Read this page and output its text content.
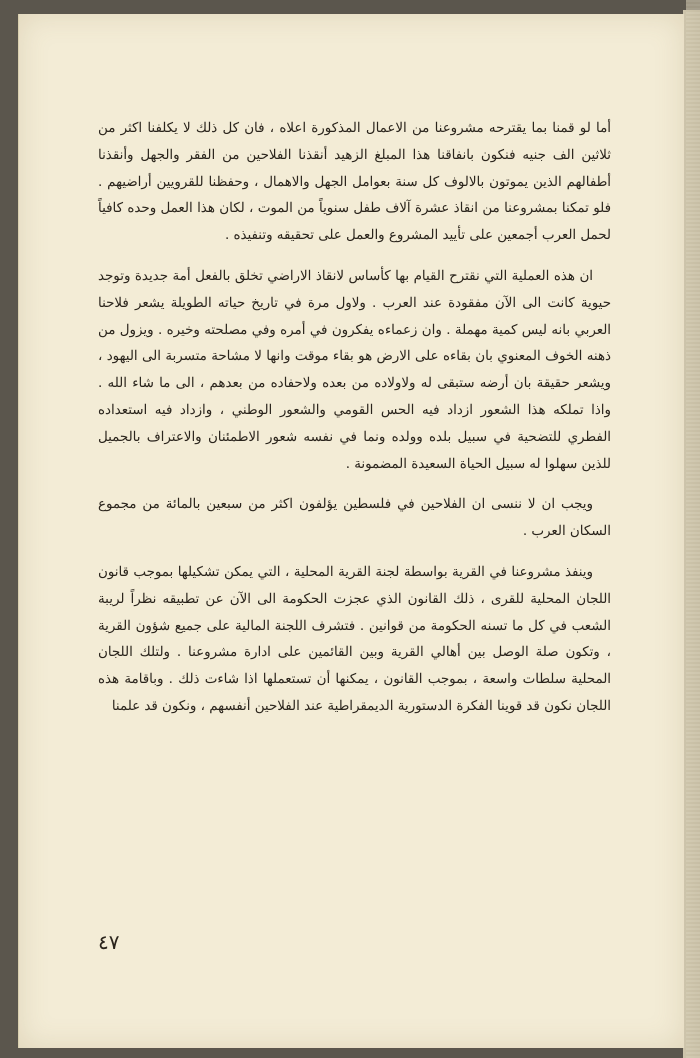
أما لو قمنا بما يقترحه مشروعنا من الاعمال المذكورة اعلاه ، فان كل ذلك لا يكلفنا اكثر من ثلاثين الف جنيه فنكون بانفاقنا هذا المبلغ الزهيد أنقذنا الفلاحين من الفقر والجهل وأنقذنا أطفالهم الذين يموتون بالالوف كل سنة بعوامل الجهل والاهمال ، وحفظنا للقرويين أراضيهم . فلو تمكنا بمشروعنا من انقاذ عشرة آلاف طفل سنوياً من الموت ، لكان هذا العمل وحده كافياً لحمل العرب أجمعين على تأييد المشروع والعمل على تحقيقه وتنفيذه .

ان هذه العملية التي نقترح القيام بها كأساس لانقاذ الاراضي تخلق بالفعل أمة جديدة وتوجد حيوية كانت الى الآن مفقودة عند العرب . ولاول مرة في تاريخ حياته الطويلة يشعر فلاحنا العربي بانه ليس كمية مهملة . وان زعماءه يفكرون في أمره وفي مصلحته وخيره . ويزول من ذهنه الخوف المعنوي بان بقاءه على الارض هو بقاء موقت وانها لا مشاحة متسربة الى اليهود ، ويشعر حقيقة بان أرضه ستبقى له ولاولاده من بعده ولاحفاده من بعدهم ، الى ما شاء الله . واذا تملكه هذا الشعور ازداد فيه الحس القومي والشعور الوطني ، وازداد فيه استعداده الفطري للتضحية في سبيل بلده وولده ونما في نفسه شعور الاطمئنان والاعتراف بالجميل للذين سهلوا له سبيل الحياة السعيدة المضمونة .

ويجب ان لا ننسى ان الفلاحين في فلسطين يؤلفون اكثر من سبعين بالمائة من مجموع السكان العرب .

وينفذ مشروعنا في القرية بواسطة لجنة القرية المحلية ، التي يمكن تشكيلها بموجب قانون اللجان المحلية للقرى ، ذلك القانون الذي عجزت الحكومة الى الآن عن تطبيقه نظراً لريبة الشعب في كل ما تسنه الحكومة من قوانين . فتشرف اللجنة المالية على جميع شؤون القرية ، وتكون صلة الوصل بين أهالي القرية وبين القائمين على ادارة مشروعنا . ولتلك اللجان المحلية سلطات واسعة ، بموجب القانون ، يمكنها أن تستعملها اذا شاءت ذلك . وباقامة هذه اللجان نكون قد قوينا الفكرة الدستورية الديمقراطية عند الفلاحين أنفسهم ، ونكون قد علمنا

٤٧
